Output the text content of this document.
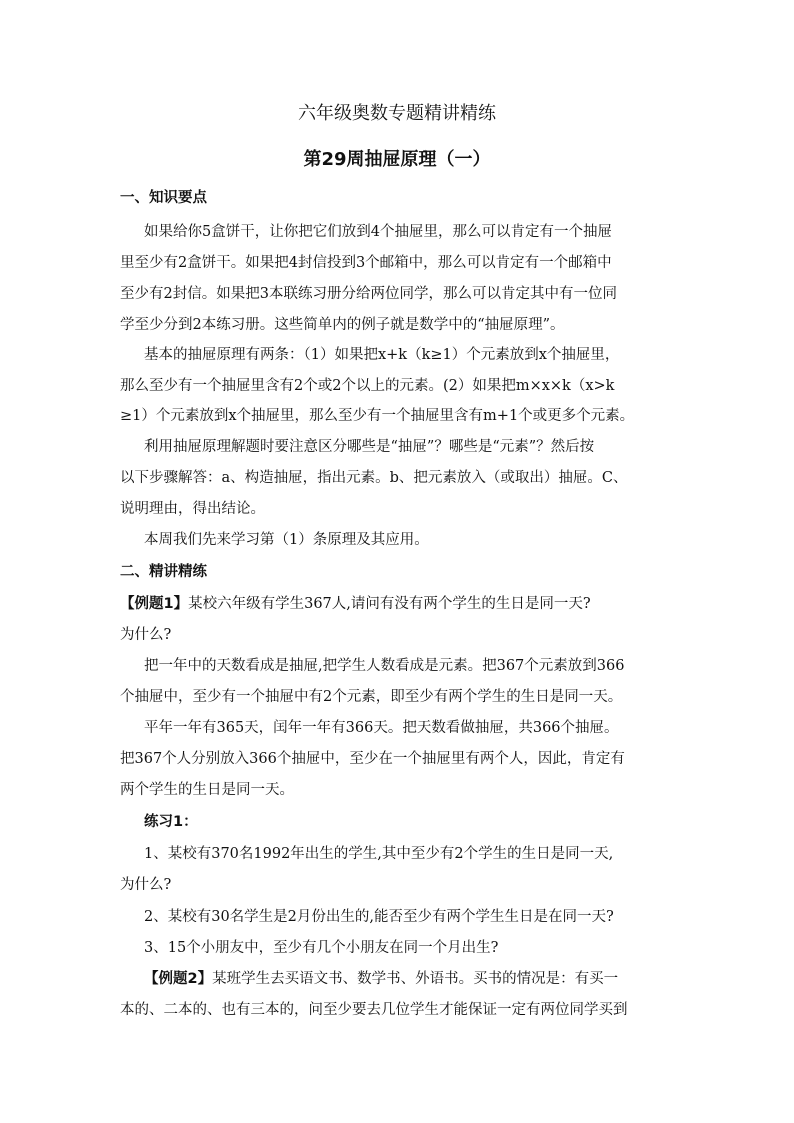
六年级奥数专题精讲精练
第29周抽屉原理（一）
一、知识要点
如果给你5盒饼干，让你把它们放到4个抽屉里，那么可以肯定有一个抽屉
里至少有2盒饼干。如果把4封信投到3个邮箱中，那么可以肯定有一个邮箱中
至少有2封信。如果把3本联练习册分给两位同学，那么可以肯定其中有一位同
学至少分到2本练习册。这些简单内的例子就是数学中的“抽屉原理”。
基本的抽屉原理有两条：（1）如果把x+k（k≥1）个元素放到x个抽屉里，
那么至少有一个抽屉里含有2个或2个以上的元素。(2）如果把m×x×k（x>k
≥1）个元素放到x个抽屉里，那么至少有一个抽屉里含有m+1个或更多个元素。
利用抽屉原理解题时要注意区分哪些是“抽屉”？哪些是“元素”？然后按
以下步骤解答：a、构造抽屉，指出元素。b、把元素放入（或取出）抽屉。C、
说明理由，得出结论。
本周我们先来学习第（1）条原理及其应用。
二、精讲精练
【例题1】某校六年级有学生367人,请问有没有两个学生的生日是同一天?
为什么?
把一年中的天数看成是抽屉,把学生人数看成是元素。把367个元素放到366
个抽屉中，至少有一个抽屉中有2个元素，即至少有两个学生的生日是同一天。
平年一年有365天，闰年一年有366天。把天数看做抽屉，共366个抽屉。
把367个人分别放入366个抽屉中，至少在一个抽屉里有两个人，因此，肯定有
两个学生的生日是同一天。
练习1：
1、某校有370名1992年出生的学生,其中至少有2个学生的生日是同一天,
为什么?
2、某校有30名学生是2月份出生的,能否至少有两个学生生日是在同一天?
3、15个小朋友中，至少有几个小朋友在同一个月出生?
【例题2】某班学生去买语文书、数学书、外语书。买书的情况是：有买一
本的、二本的、也有三本的，问至少要去几位学生才能保证一定有两位同学买到
